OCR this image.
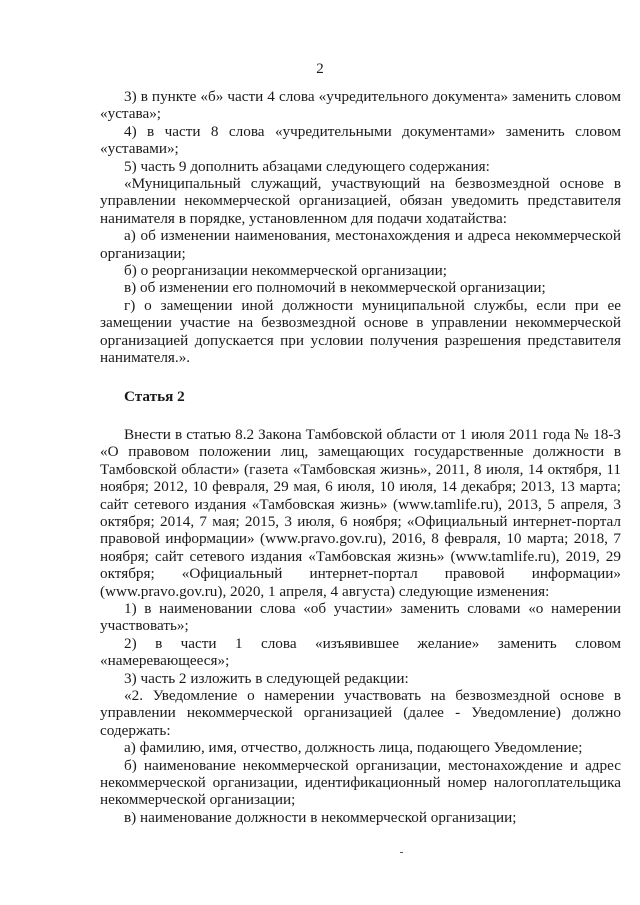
2

3) в пункте «б» части 4 слова «учредительного документа» заменить словом «устава»;

4) в части 8 слова «учредительными документами» заменить словом «уставами»;

5) часть 9 дополнить абзацами следующего содержания:

«Муниципальный служащий, участвующий на безвозмездной основе в управлении некоммерческой организацией, обязан уведомить представителя нанимателя в порядке, установленном для подачи ходатайства:

а) об изменении наименования, местонахождения и адреса некоммерческой организации;

б) о реорганизации некоммерческой организации;

в) об изменении его полномочий в некоммерческой организации;

г) о замещении иной должности муниципальной службы, если при ее замещении участие на безвозмездной основе в управлении некоммерческой организацией допускается при условии получения разрешения представителя нанимателя.».

Статья 2

Внести в статью 8.2 Закона Тамбовской области от 1 июля 2011 года № 18-З «О правовом положении лиц, замещающих государственные должности в Тамбовской области» (газета «Тамбовская жизнь», 2011, 8 июля, 14 октября, 11 ноября; 2012, 10 февраля, 29 мая, 6 июля, 10 июля, 14 декабря; 2013, 13 марта; сайт сетевого издания «Тамбовская жизнь» (www.tamlife.ru), 2013, 5 апреля, 3 октября; 2014, 7 мая; 2015, 3 июля, 6 ноября; «Официальный интернет-портал правовой информации» (www.pravo.gov.ru), 2016, 8 февраля, 10 марта; 2018, 7 ноября; сайт сетевого издания «Тамбовская жизнь» (www.tamlife.ru), 2019, 29 октября; «Официальный интернет-портал правовой информации» (www.pravo.gov.ru), 2020, 1 апреля, 4 августа) следующие изменения:

1) в наименовании слова «об участии» заменить словами «о намерении участвовать»;

2) в части 1 слова «изъявившее желание» заменить словом «намеревающееся»;

3) часть 2 изложить в следующей редакции:

«2. Уведомление о намерении участвовать на безвозмездной основе в управлении некоммерческой организацией (далее - Уведомление) должно содержать:

а) фамилию, имя, отчество, должность лица, подающего Уведомление;

б) наименование некоммерческой организации, местонахождение и адрес некоммерческой организации, идентификационный номер налогоплательщика некоммерческой организации;

в) наименование должности в некоммерческой организации;
